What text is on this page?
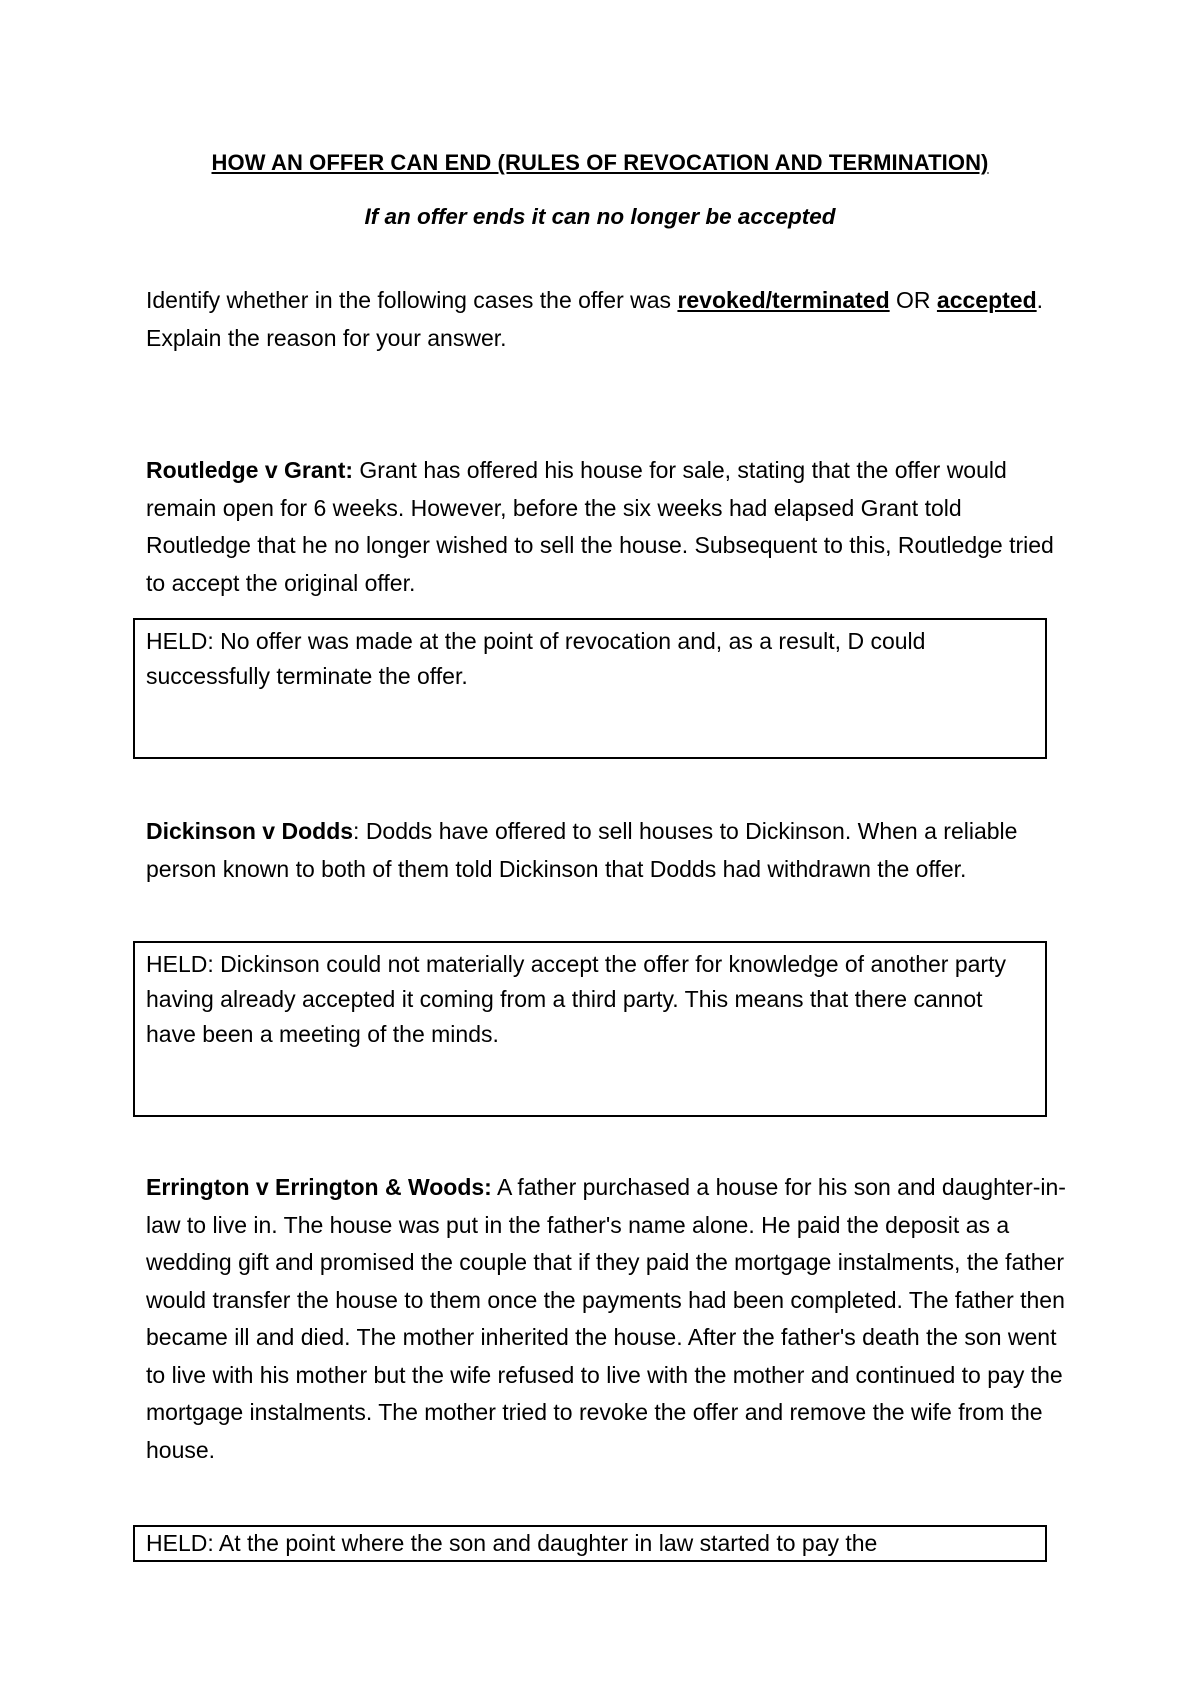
HOW AN OFFER CAN END (RULES OF REVOCATION AND TERMINATION)
If an offer ends it can no longer be accepted
Identify whether in the following cases the offer was revoked/terminated OR accepted. Explain the reason for your answer.
Routledge v Grant: Grant has offered his house for sale, stating that the offer would remain open for 6 weeks. However, before the six weeks had elapsed Grant told Routledge that he no longer wished to sell the house. Subsequent to this, Routledge tried to accept the original offer.
HELD: No offer was made at the point of revocation and, as a result, D could successfully terminate the offer.
Dickinson v Dodds: Dodds have offered to sell houses to Dickinson. When a reliable person known to both of them told Dickinson that Dodds had withdrawn the offer.
HELD: Dickinson could not materially accept the offer for knowledge of another party having already accepted it coming from a third party. This means that there cannot have been a meeting of the minds.
Errington v Errington & Woods: A father purchased a house for his son and daughter-in-law to live in. The house was put in the father's name alone. He paid the deposit as a wedding gift and promised the couple that if they paid the mortgage instalments, the father would transfer the house to them once the payments had been completed. The father then became ill and died. The mother inherited the house. After the father's death the son went to live with his mother but the wife refused to live with the mother and continued to pay the mortgage instalments. The mother tried to revoke the offer and remove the wife from the house.
HELD: At the point where the son and daughter in law started to pay the
